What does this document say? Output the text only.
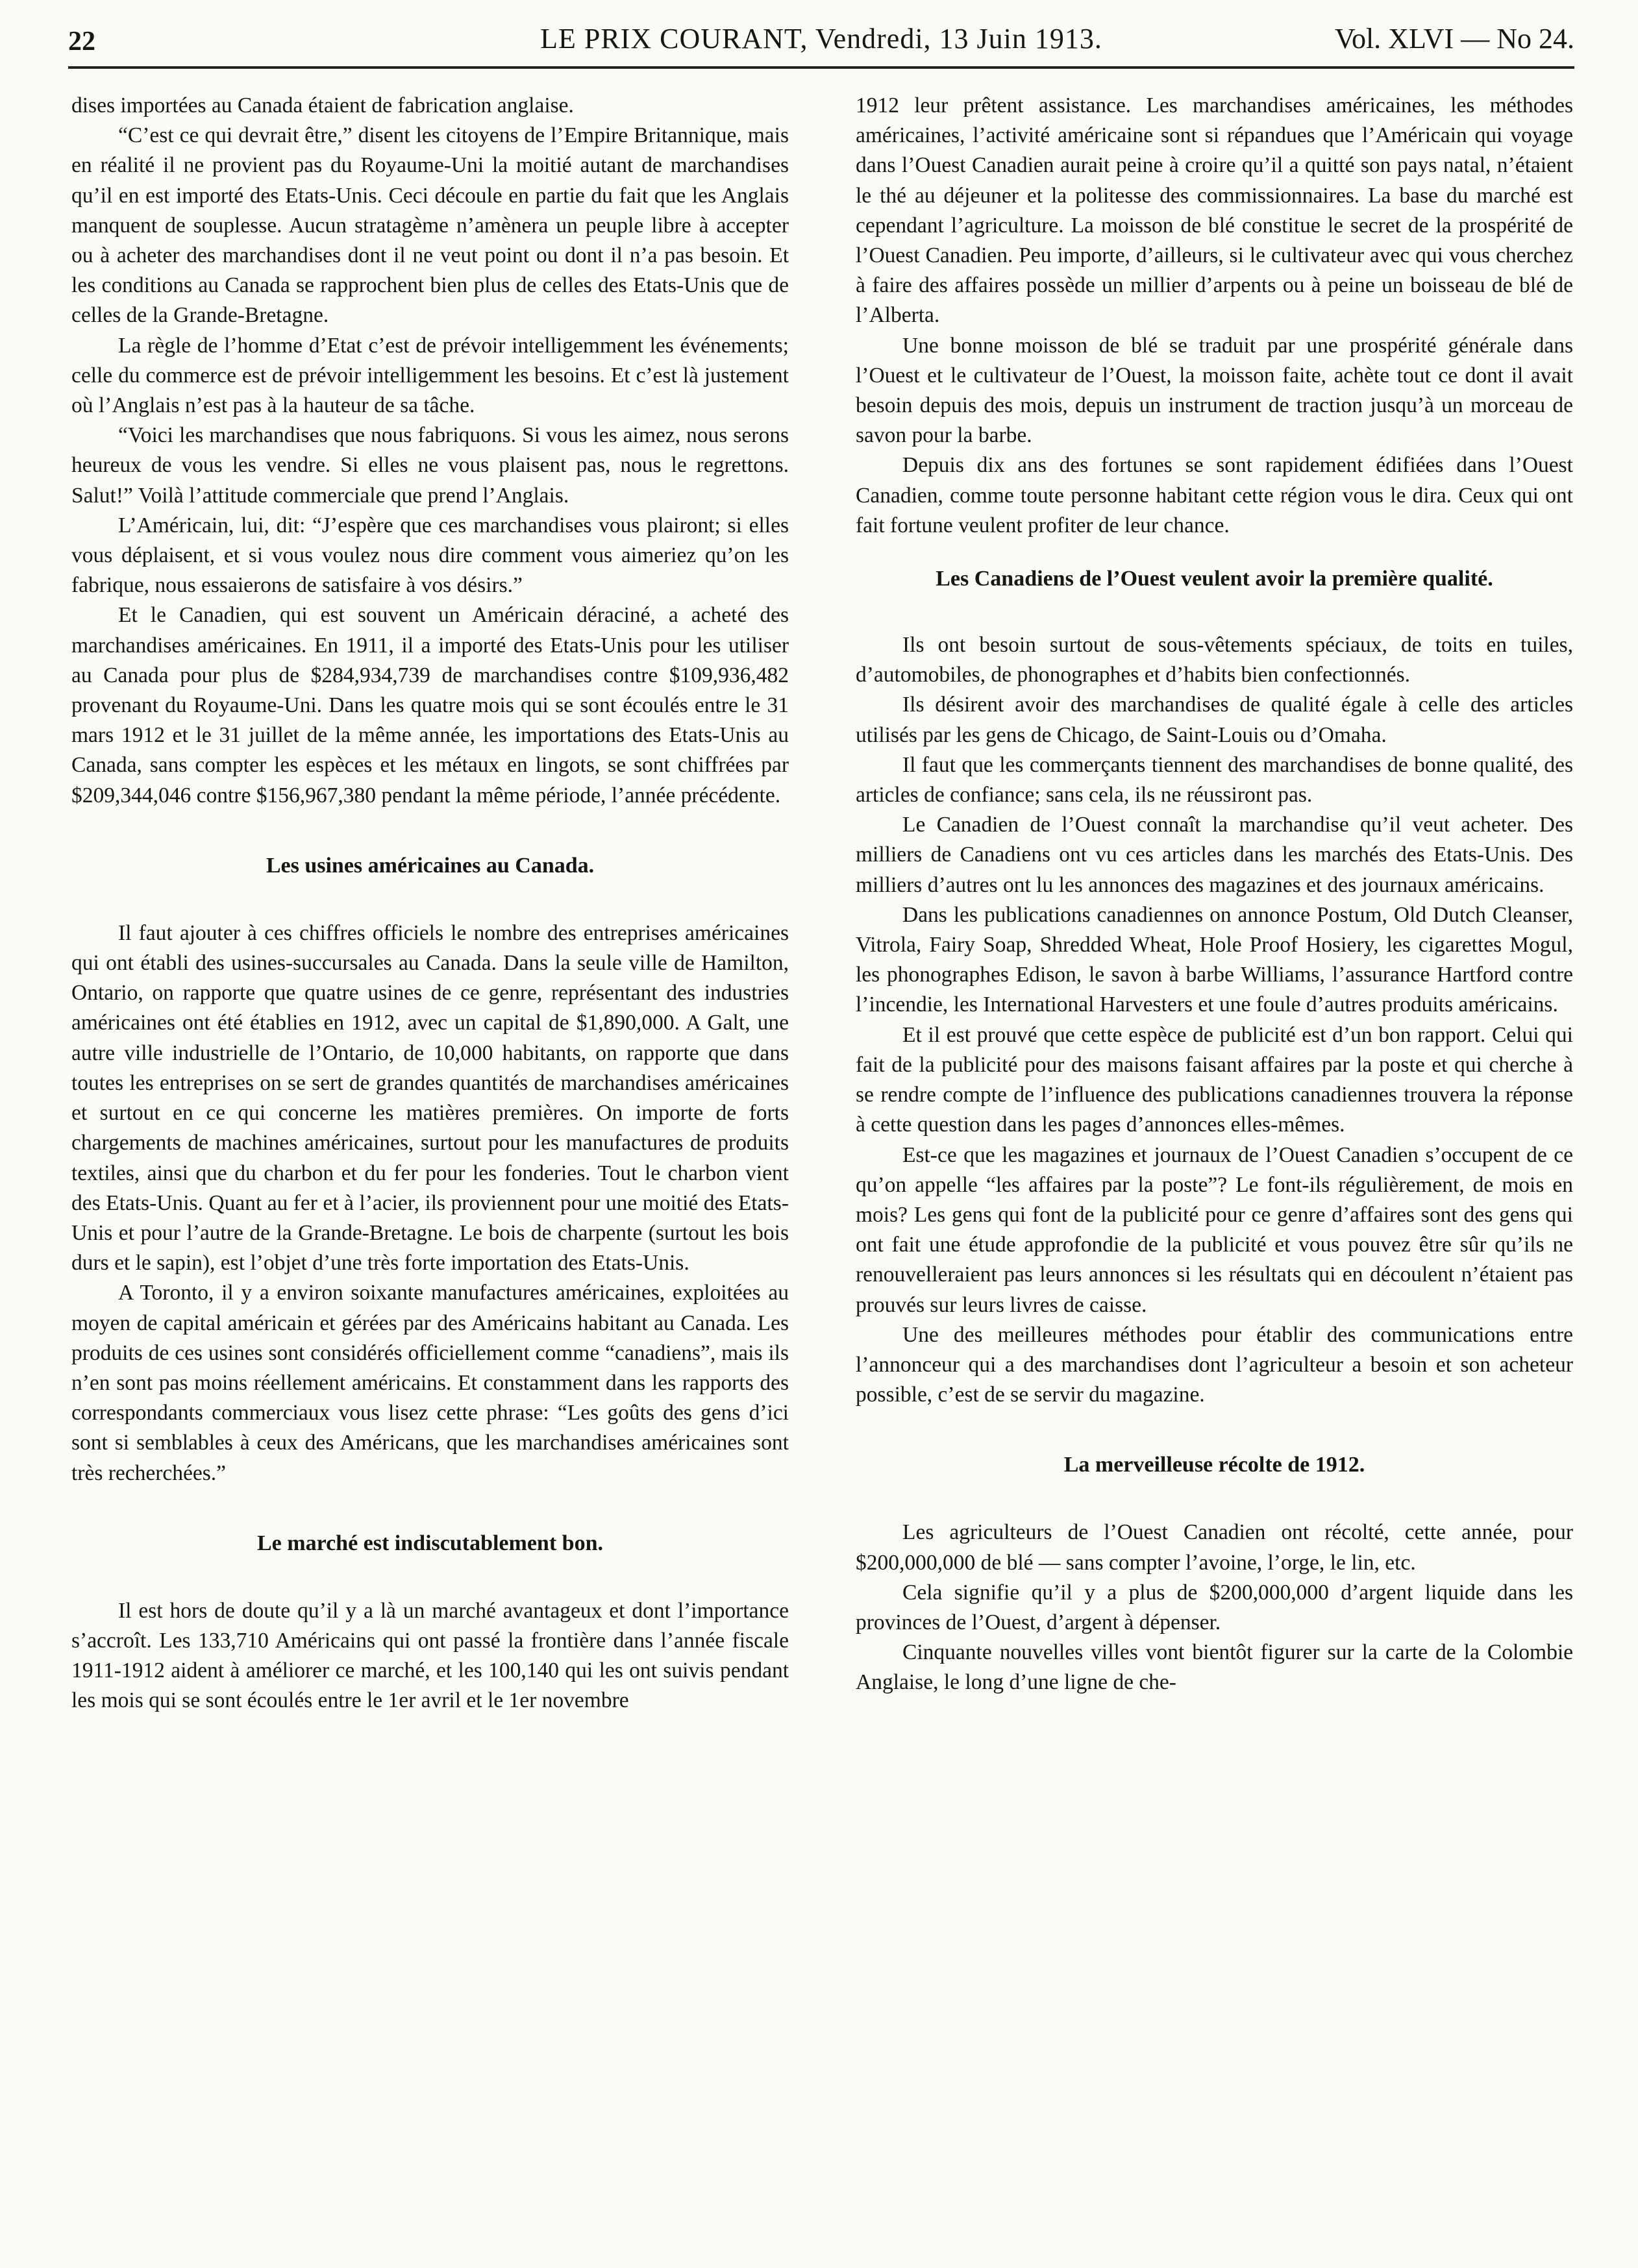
22	LE PRIX COURANT, Vendredi, 13 Juin 1913.	Vol. XLVI — No 24.

dises importées au Canada étaient de fabrication anglaise.

“C’est ce qui devrait être,” disent les citoyens de l’Empire Britannique, mais en réalité il ne provient pas du Royaume-Uni la moitié autant de marchandises qu’il en est importé des Etats-Unis. Ceci découle en partie du fait que les Anglais manquent de souplesse. Aucun stratagème n’amènera un peuple libre à accepter ou à acheter des marchandises dont il ne veut point ou dont il n’a pas besoin. Et les conditions au Canada se rapprochent bien plus de celles des Etats-Unis que de celles de la Grande-Bretagne.

La règle de l’homme d’Etat c’est de prévoir intelligemment les événements; celle du commerce est de prévoir intelligemment les besoins. Et c’est là justement où l’Anglais n’est pas à la hauteur de sa tâche.

“Voici les marchandises que nous fabriquons. Si vous les aimez, nous serons heureux de vous les vendre. Si elles ne vous plaisent pas, nous le regrettons. Salut!” Voilà l’attitude commerciale que prend l’Anglais.

L’Américain, lui, dit: “J’espère que ces marchandises vous plairont; si elles vous déplaisent, et si vous voulez nous dire comment vous aimeriez qu’on les fabrique, nous essaierons de satisfaire à vos désirs.”

Et le Canadien, qui est souvent un Américain déraciné, a acheté des marchandises américaines. En 1911, il a importé des Etats-Unis pour les utiliser au Canada pour plus de $284,934,739 de marchandises contre $109,936,482 provenant du Royaume-Uni. Dans les quatre mois qui se sont écoulés entre le 31 mars 1912 et le 31 juillet de la même année, les importations des Etats-Unis au Canada, sans compter les espèces et les métaux en lingots, se sont chiffrées par $209,344,046 contre $156,967,380 pendant la même période, l’année précédente.

Les usines américaines au Canada.

Il faut ajouter à ces chiffres officiels le nombre des entreprises américaines qui ont établi des usines-succursales au Canada. Dans la seule ville de Hamilton, Ontario, on rapporte que quatre usines de ce genre, représentant des industries américaines ont été établies en 1912, avec un capital de $1,890,000. A Galt, une autre ville industrielle de l’Ontario, de 10,000 habitants, on rapporte que dans toutes les entreprises on se sert de grandes quantités de marchandises américaines et surtout en ce qui concerne les matières premières. On importe de forts chargements de machines américaines, surtout pour les manufactures de produits textiles, ainsi que du charbon et du fer pour les fonderies. Tout le charbon vient des Etats-Unis. Quant au fer et à l’acier, ils proviennent pour une moitié des Etats-Unis et pour l’autre de la Grande-Bretagne. Le bois de charpente (surtout les bois durs et le sapin), est l’objet d’une très forte importation des Etats-Unis.

A Toronto, il y a environ soixante manufactures américaines, exploitées au moyen de capital américain et gérées par des Américains habitant au Canada. Les produits de ces usines sont considérés officiellement comme “canadiens”, mais ils n’en sont pas moins réellement américains. Et constamment dans les rapports des correspondants commerciaux vous lisez cette phrase: “Les goûts des gens d’ici sont si semblables à ceux des Américans, que les marchandises américaines sont très recherchées.”

Le marché est indiscutablement bon.

Il est hors de doute qu’il y a là un marché avantageux et dont l’importance s’accroît. Les 133,710 Américains qui ont passé la frontière dans l’année fiscale 1911-1912 aident à améliorer ce marché, et les 100,140 qui les ont suivis pendant les mois qui se sont écoulés entre le 1er avril et le 1er novembre

1912 leur prêtent assistance. Les marchandises américaines, les méthodes américaines, l’activité américaine sont si répandues que l’Américain qui voyage dans l’Ouest Canadien aurait peine à croire qu’il a quitté son pays natal, n’étaient le thé au déjeuner et la politesse des commissionnaires. La base du marché est cependant l’agriculture. La moisson de blé constitue le secret de la prospérité de l’Ouest Canadien. Peu importe, d’ailleurs, si le cultivateur avec qui vous cherchez à faire des affaires possède un millier d’arpents ou à peine un boisseau de blé de l’Alberta.

Une bonne moisson de blé se traduit par une prospérité générale dans l’Ouest et le cultivateur de l’Ouest, la moisson faite, achète tout ce dont il avait besoin depuis des mois, depuis un instrument de traction jusqu’à un morceau de savon pour la barbe.

Depuis dix ans des fortunes se sont rapidement édifiées dans l’Ouest Canadien, comme toute personne habitant cette région vous le dira. Ceux qui ont fait fortune veulent profiter de leur chance.

Les Canadiens de l’Ouest veulent avoir la première qualité.

Ils ont besoin surtout de sous-vêtements spéciaux, de toits en tuiles, d’automobiles, de phonographes et d’habits bien confectionnés.

Ils désirent avoir des marchandises de qualité égale à celle des articles utilisés par les gens de Chicago, de Saint-Louis ou d’Omaha.

Il faut que les commerçants tiennent des marchandises de bonne qualité, des articles de confiance; sans cela, ils ne réussiront pas.

Le Canadien de l’Ouest connaît la marchandise qu’il veut acheter. Des milliers de Canadiens ont vu ces articles dans les marchés des Etats-Unis. Des milliers d’autres ont lu les annonces des magazines et des journaux américains.

Dans les publications canadiennes on annonce Postum, Old Dutch Cleanser, Vitrola, Fairy Soap, Shredded Wheat, Hole Proof Hosiery, les cigarettes Mogul, les phonographes Edison, le savon à barbe Williams, l’assurance Hartford contre l’incendie, les International Harvesters et une foule d’autres produits américains.

Et il est prouvé que cette espèce de publicité est d’un bon rapport. Celui qui fait de la publicité pour des maisons faisant affaires par la poste et qui cherche à se rendre compte de l’influence des publications canadiennes trouvera la réponse à cette question dans les pages d’annonces elles-mêmes.

Est-ce que les magazines et journaux de l’Ouest Canadien s’occupent de ce qu’on appelle “les affaires par la poste”? Le font-ils régulièrement, de mois en mois? Les gens qui font de la publicité pour ce genre d’affaires sont des gens qui ont fait une étude approfondie de la publicité et vous pouvez être sûr qu’ils ne renouvelleraient pas leurs annonces si les résultats qui en découlent n’étaient pas prouvés sur leurs livres de caisse.

Une des meilleures méthodes pour établir des communications entre l’annonceur qui a des marchandises dont l’agriculteur a besoin et son acheteur possible, c’est de se servir du magazine.

La merveilleuse récolte de 1912.

Les agriculteurs de l’Ouest Canadien ont récolté, cette année, pour $200,000,000 de blé — sans compter l’avoine, l’orge, le lin, etc.

Cela signifie qu’il y a plus de $200,000,000 d’argent liquide dans les provinces de l’Ouest, d’argent à dépenser.

Cinquante nouvelles villes vont bientôt figurer sur la carte de la Colombie Anglaise, le long d’une ligne de che-
